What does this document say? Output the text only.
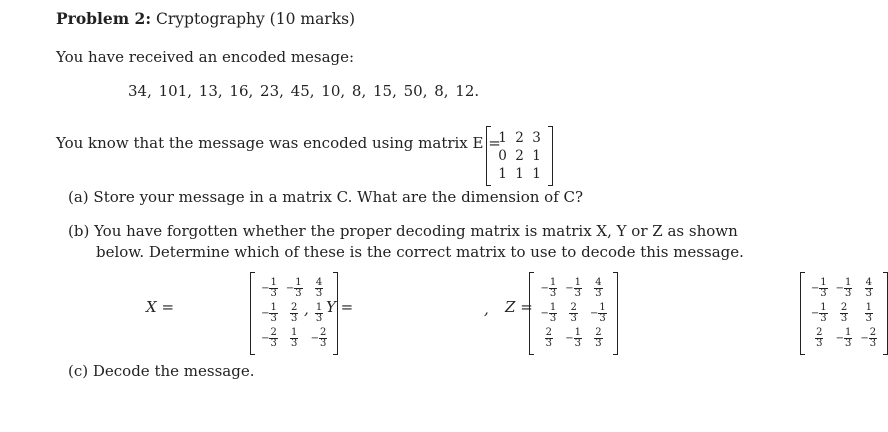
Problem 2: Cryptography (10 marks)
You have received an encoded mesage:
34, 101, 13, 16, 23, 45, 10, 8, 15, 50, 8, 12.
You know that the message was encoded using matrix E =
1	2	3
0	2	1
1	1	1

(a) Store your message in a matrix C. What are the dimension of C?
(b) You have forgotten whether the proper decoding matrix is matrix X, Y or Z as shown
below. Determine which of these is the correct matrix to use to decode this message.
X =
− $\frac{1}{3}$	− $\frac{1}{3}$	$\frac{4}{3}$

− $\frac{1}{3}$	$\frac{2}{3}$	$\frac{1}{3}$

− $\frac{2}{3}$	$\frac{1}{3}$	− $\frac{2}{3}$

, Y =
− $\frac{1}{3}$	− $\frac{1}{3}$	$\frac{4}{3}$

− $\frac{1}{3}$	$\frac{2}{3}$	− $\frac{1}{3}$

$\frac{2}{3}$	− $\frac{1}{3}$	$\frac{2}{3}$

, Z =
− $\frac{1}{3}$	− $\frac{1}{3}$	$\frac{4}{3}$

− $\frac{1}{3}$	$\frac{2}{3}$	$\frac{1}{3}$

$\frac{2}{3}$	− $\frac{1}{3}$	− $\frac{2}{3}$
(c) Decode the message.
